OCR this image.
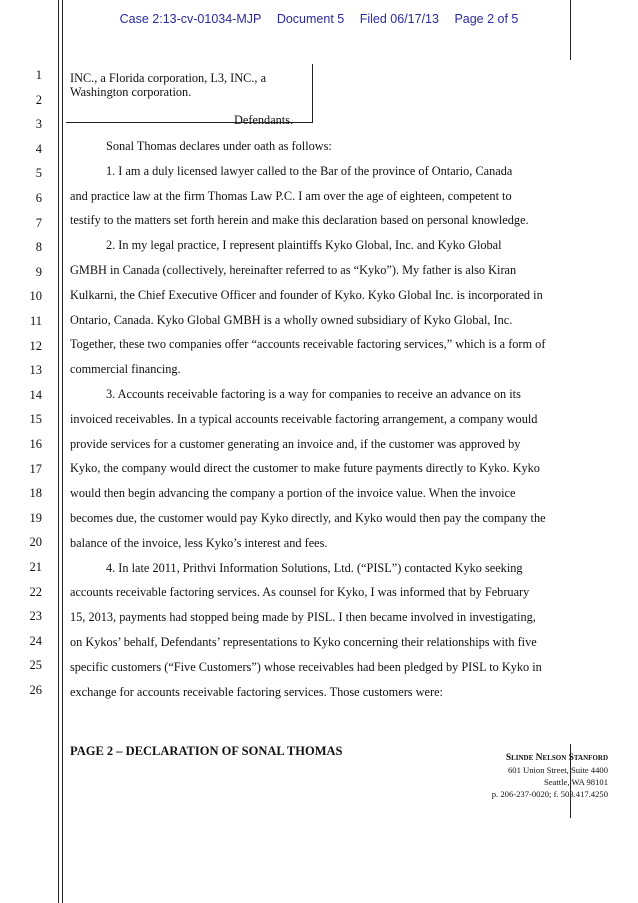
Case 2:13-cv-01034-MJP Document 5 Filed 06/17/13 Page 2 of 5
INC., a Florida corporation, L3, INC., a
Washington corporation.
Defendants.
1
2
3
4
5
6
7
8
9
10
11
12
13
14
15
16
17
18
19
20
21
22
23
24
25
26
Sonal Thomas declares under oath as follows:
1. I am a duly licensed lawyer called to the Bar of the province of Ontario, Canada
and practice law at the firm Thomas Law P.C. I am over the age of eighteen, competent to
testify to the matters set forth herein and make this declaration based on personal knowledge.
2. In my legal practice, I represent plaintiffs Kyko Global, Inc. and Kyko Global
GMBH in Canada (collectively, hereinafter referred to as “Kyko”). My father is also Kiran
Kulkarni, the Chief Executive Officer and founder of Kyko. Kyko Global Inc. is incorporated in
Ontario, Canada. Kyko Global GMBH is a wholly owned subsidiary of Kyko Global, Inc.
Together, these two companies offer “accounts receivable factoring services,” which is a form of
commercial financing.
3. Accounts receivable factoring is a way for companies to receive an advance on its
invoiced receivables. In a typical accounts receivable factoring arrangement, a company would
provide services for a customer generating an invoice and, if the customer was approved by
Kyko, the company would direct the customer to make future payments directly to Kyko. Kyko
would then begin advancing the company a portion of the invoice value. When the invoice
becomes due, the customer would pay Kyko directly, and Kyko would then pay the company the
balance of the invoice, less Kyko’s interest and fees.
4. In late 2011, Prithvi Information Solutions, Ltd. (“PISL”) contacted Kyko seeking
accounts receivable factoring services. As counsel for Kyko, I was informed that by February
15, 2013, payments had stopped being made by PISL. I then became involved in investigating,
on Kykos’ behalf, Defendants’ representations to Kyko concerning their relationships with five
specific customers (“Five Customers”) whose receivables had been pledged by PISL to Kyko in
exchange for accounts receivable factoring services. Those customers were:
PAGE 2 – DECLARATION OF SONAL THOMAS	Slinde Nelson Stanford
601 Union Street, Suite 4400
Seattle, WA 98101
p. 206-237-0020; f. 503.417.4250
